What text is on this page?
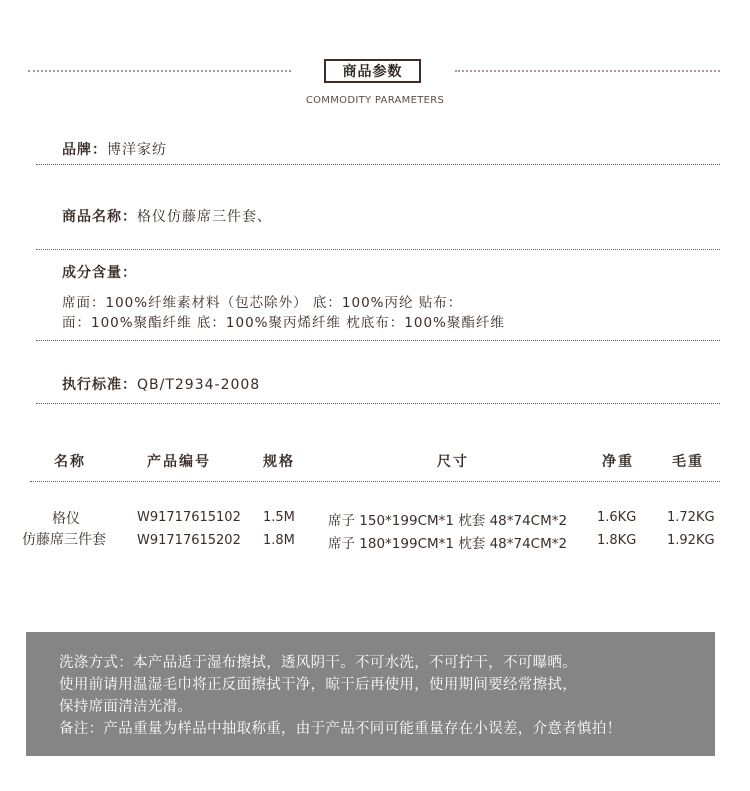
商品参数
COMMODITY PARAMETERS
品牌：博洋家纺
商品名称：格仪仿藤席三件套、
成分含量：
席面：100%纤维素材料（包芯除外） 底：100%丙纶 贴布：
面：100%聚酯纤维 底：100%聚丙烯纤维 枕底布：100%聚酯纤维
执行标准：QB/T2934-2008
名称	产品编号	规格	尺寸	净重	毛重
格仪
仿藤席三件套
W91717615102 1.5M 席子 150*199CM*1 枕套 48*74CM*2 1.6KG 1.72KG
W91717615202 1.8M 席子 180*199CM*1 枕套 48*74CM*2 1.8KG 1.92KG
洗涤方式：本产品适于湿布擦拭，透风阴干。不可水洗，不可拧干，不可曝晒。
使用前请用温湿毛巾将正反面擦拭干净，晾干后再使用，使用期间要经常擦拭，
保持席面清洁光滑。
备注：产品重量为样品中抽取称重，由于产品不同可能重量存在小误差，介意者慎拍！
